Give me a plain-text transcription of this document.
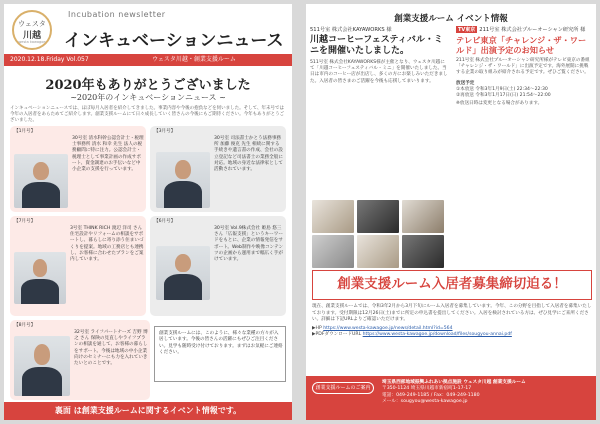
ウェスタ
川越
westa kawagoe
Incubation newsletter
インキュベーションニュース
2020.12.18.Friday Vol.057	ウェスタ川越・創業支援ルーム
2020年もありがとうございました
~2020年のインキュベーションニュース ~
インキュベーションニュースでは、ほぼ毎月入居者を紹介してきました。事業内容や今後の抱負などを伺いました。そして、年末号では今年の入居者をあらためてご紹介します。創業支援ルームにて日々成長していく皆さんの今後にもご期待ください。今年もありがとうございました。
【1月号】
30号室 清水科幹公認会計士・税理士事務所 清水 和幸 先生 法人の税務顧問に特に注力。公認会計士・税理士として事業計画の作成サポート、資金調達のお手伝いなど中小企業の支援を行っています。
【3月号】
30号室 司法書士かとう法務事務所 加藤 俊克 先生 相続に関する手続きや遺言書の作成、会社の設立登記など司法書士の業務全般に対応。地域の身近な法律家として活動されています。
【7月号】
3号室 THINK RICH 渡辺 洋司 さん 住宅設計やリフォームの相談をサポートし、暮らしに寄り添う住まいづくりを提案。地域の工務店とも連携し、お客様に合わせたプランをご案内しています。
【6月号】
30号室 Vol.9株式会社 姫島 悠三 さん「広報支援」というキーワードをもとに、企業の情報発信をサポート。Web制作や映像コンテンツの企画から運用まで幅広く手がけています。
【8月号】
32号室 ライフパートナーズ 吉野 博之 さん 保険の見直しやライフプランの相談を通して、お客様の暮らしをサポート。今後は地域の中小企業向けのセミナーにも力を入れていきたいとのことです。
創業支援ルームには、このように、様々な業種の方々が入居しています。今後の皆さんの活躍にもぜひご注目ください。見学も随時受け付けております。まずはお気軽にご連絡ください。
裏面 は創業支援ルームに関するイベント情報です。
創業支援ルーム イベント情報
511号室 株式会社KAYAWORKS 様
川越コーヒーフェスティバル・ミニを開催いたしました。
511号室 株式会社KAYAWORKS様が主催となり、ウェスタ川越にて「川越コーヒーフェスティバル・ミニ」を開催いたしました。当日は市内のコーヒー店が出店し、多くの方にお楽しみいただきました。入居者の皆さまのご活躍を今後も応援してまいります。
TV東京 211号室 株式会社プルーオーシャン研究所 様
テレビ東京「チャレンジ・ザ・ワールド」出演予定のお知らせ
211号室 株式会社プルーオーシャン研究所様がテレビ東京の番組「チャレンジ・ザ・ワールド」に出演予定です。海外展開に挑戦する企業の取り組みが紹介される予定です。ぜひご覧ください。
放送予定
①本放送 令和3年1月9日(土) 22:34〜22:30
②再放送 令和3年1月17日(日) 21:54〜22:00
※放送日時は変更となる場合があります。
創業支援ルーム入居者募集締切迫る！
現在、創業支援ルームでは、令和3年2月から3月下旬にルーム入居者を募集しています。今年、この分野を目指して入居者を募集いたしております。受付期限は12月26日(土)までに所定の申込書を提出してください。入居を検討されている方は、ぜひ見学にご来所ください。詳細は下記URLよりご確認いただけます。
▶HP https://www.westa-kawagoe.jp/news/detail.html?id=564
▶PDFダウンロードURL https://www.westa-kawagoe.jp/download/files/sougyou-annai.pdf
創業支援ルームのご案内
埼玉県西部地域振興ふれあい拠点施設 ウェスタ川越 創業支援ルーム
〒350-1124 埼玉県川越市新宿町1-17-17
電話：049-249-1185 / Fax：049-249-1180
メール：sougyou@westa-kawagoe.jp
